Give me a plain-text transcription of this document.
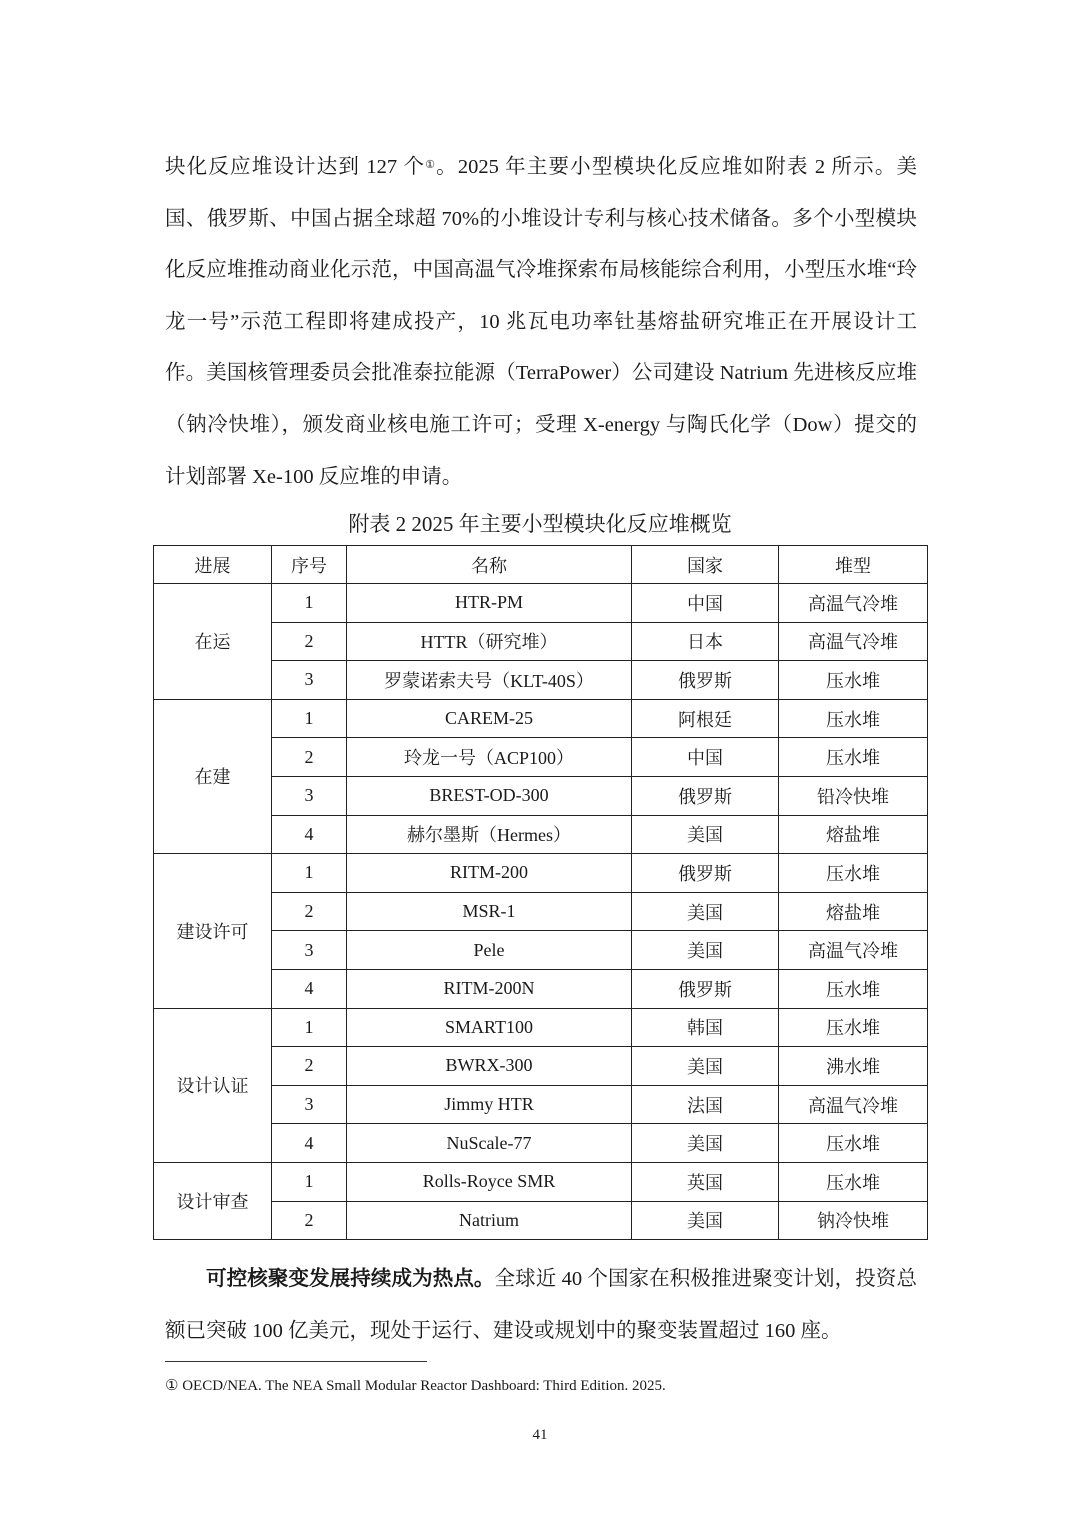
块化反应堆设计达到 127 个①。2025 年主要小型模块化反应堆如附表 2 所示。美国、俄罗斯、中国占据全球超 70%的小堆设计专利与核心技术储备。多个小型模块化反应堆推动商业化示范，中国高温气冷堆探索布局核能综合利用，小型压水堆“玲龙一号”示范工程即将建成投产，10 兆瓦电功率钍基熔盐研究堆正在开展设计工作。美国核管理委员会批准泰拉能源（TerraPower）公司建设 Natrium 先进核反应堆（钠冷快堆），颁发商业核电施工许可；受理 X-energy 与陶氏化学（Dow）提交的计划部署 Xe-100 反应堆的申请。

附表 2 2025 年主要小型模块化反应堆概览
进展	序号	名称	国家	堆型
在运	1	HTR-PM	中国	高温气冷堆
	2	HTTR（研究堆）	日本	高温气冷堆
	3	罗蒙诺索夫号（KLT-40S）	俄罗斯	压水堆
在建	1	CAREM-25	阿根廷	压水堆
	2	玲龙一号（ACP100）	中国	压水堆
	3	BREST-OD-300	俄罗斯	铅冷快堆
	4	赫尔墨斯（Hermes）	美国	熔盐堆
建设许可	1	RITM-200	俄罗斯	压水堆
	2	MSR-1	美国	熔盐堆
	3	Pele	美国	高温气冷堆
	4	RITM-200N	俄罗斯	压水堆
设计认证	1	SMART100	韩国	压水堆
	2	BWRX-300	美国	沸水堆
	3	Jimmy HTR	法国	高温气冷堆
	4	NuScale-77	美国	压水堆
设计审查	1	Rolls-Royce SMR	英国	压水堆
	2	Natrium	美国	钠冷快堆

可控核聚变发展持续成为热点。全球近 40 个国家在积极推进聚变计划，投资总额已突破 100 亿美元，现处于运行、建设或规划中的聚变装置超过 160 座。

① OECD/NEA. The NEA Small Modular Reactor Dashboard: Third Edition. 2025.
41
